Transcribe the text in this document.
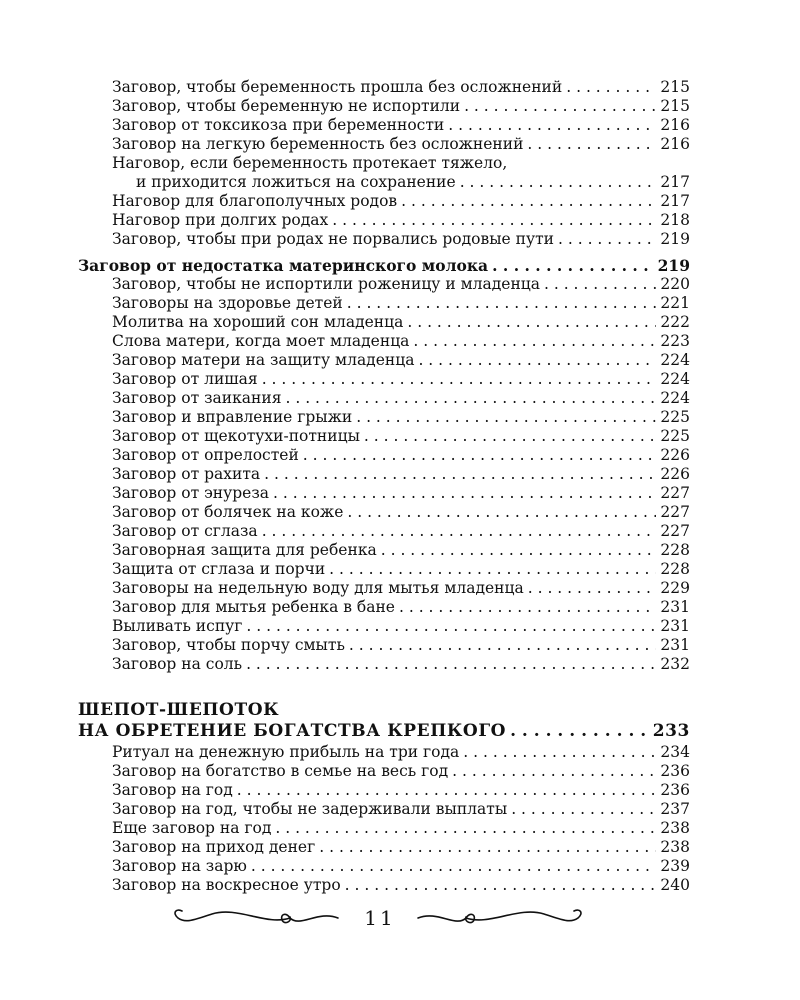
Заговор, чтобы беременность прошла без осложнений . . .	215
Заговор, чтобы беременную не испортили . . .	215
Заговор от токсикоза при беременности . . .	216
Заговор на легкую беременность без осложнений . . .	216
Наговор, если беременность протекает тяжело,
и приходится ложиться на сохранение . . .	217
Наговор для благополучных родов . . .	217
Наговор при долгих родах . . .	218
Заговор, чтобы при родах не порвались родовые пути . . .	219
Заговор от недостатка материнского молока . . .	219
Заговор, чтобы не испортили роженицу и младенца . . .	220
Заговоры на здоровье детей . . .	221
Молитва на хороший сон младенца . . .	222
Слова матери, когда моет младенца . . .	223
Заговор матери на защиту младенца . . .	224
Заговор от лишая . . .	224
Заговор от заикания . . .	224
Заговор и вправление грыжи . . .	225
Заговор от щекотухи-потницы . . .	225
Заговор от опрелостей . . .	226
Заговор от рахита . . .	226
Заговор от энуреза . . .	227
Заговор от болячек на коже . . .	227
Заговор от сглаза . . .	227
Заговорная защита для ребенка . . .	228
Защита от сглаза и порчи . . .	228
Заговоры на недельную воду для мытья младенца . . .	229
Заговор для мытья ребенка в бане . . .	231
Выливать испуг . . .	231
Заговор, чтобы порчу смыть . . .	231
Заговор на соль . . .	232
ШЕПОТ-ШЕПОТОК
НА ОБРЕТЕНИЕ БОГАТСТВА КРЕПКОГО . . .	233
Ритуал на денежную прибыль на три года . . .	234
Заговор на богатство в семье на весь год . . .	236
Заговор на год . . .	236
Заговор на год, чтобы не задерживали выплаты . . .	237
Еще заговор на год . . .	238
Заговор на приход денег . . .	238
Заговор на зарю . . .	239
Заговор на воскресное утро . . .	240
11
